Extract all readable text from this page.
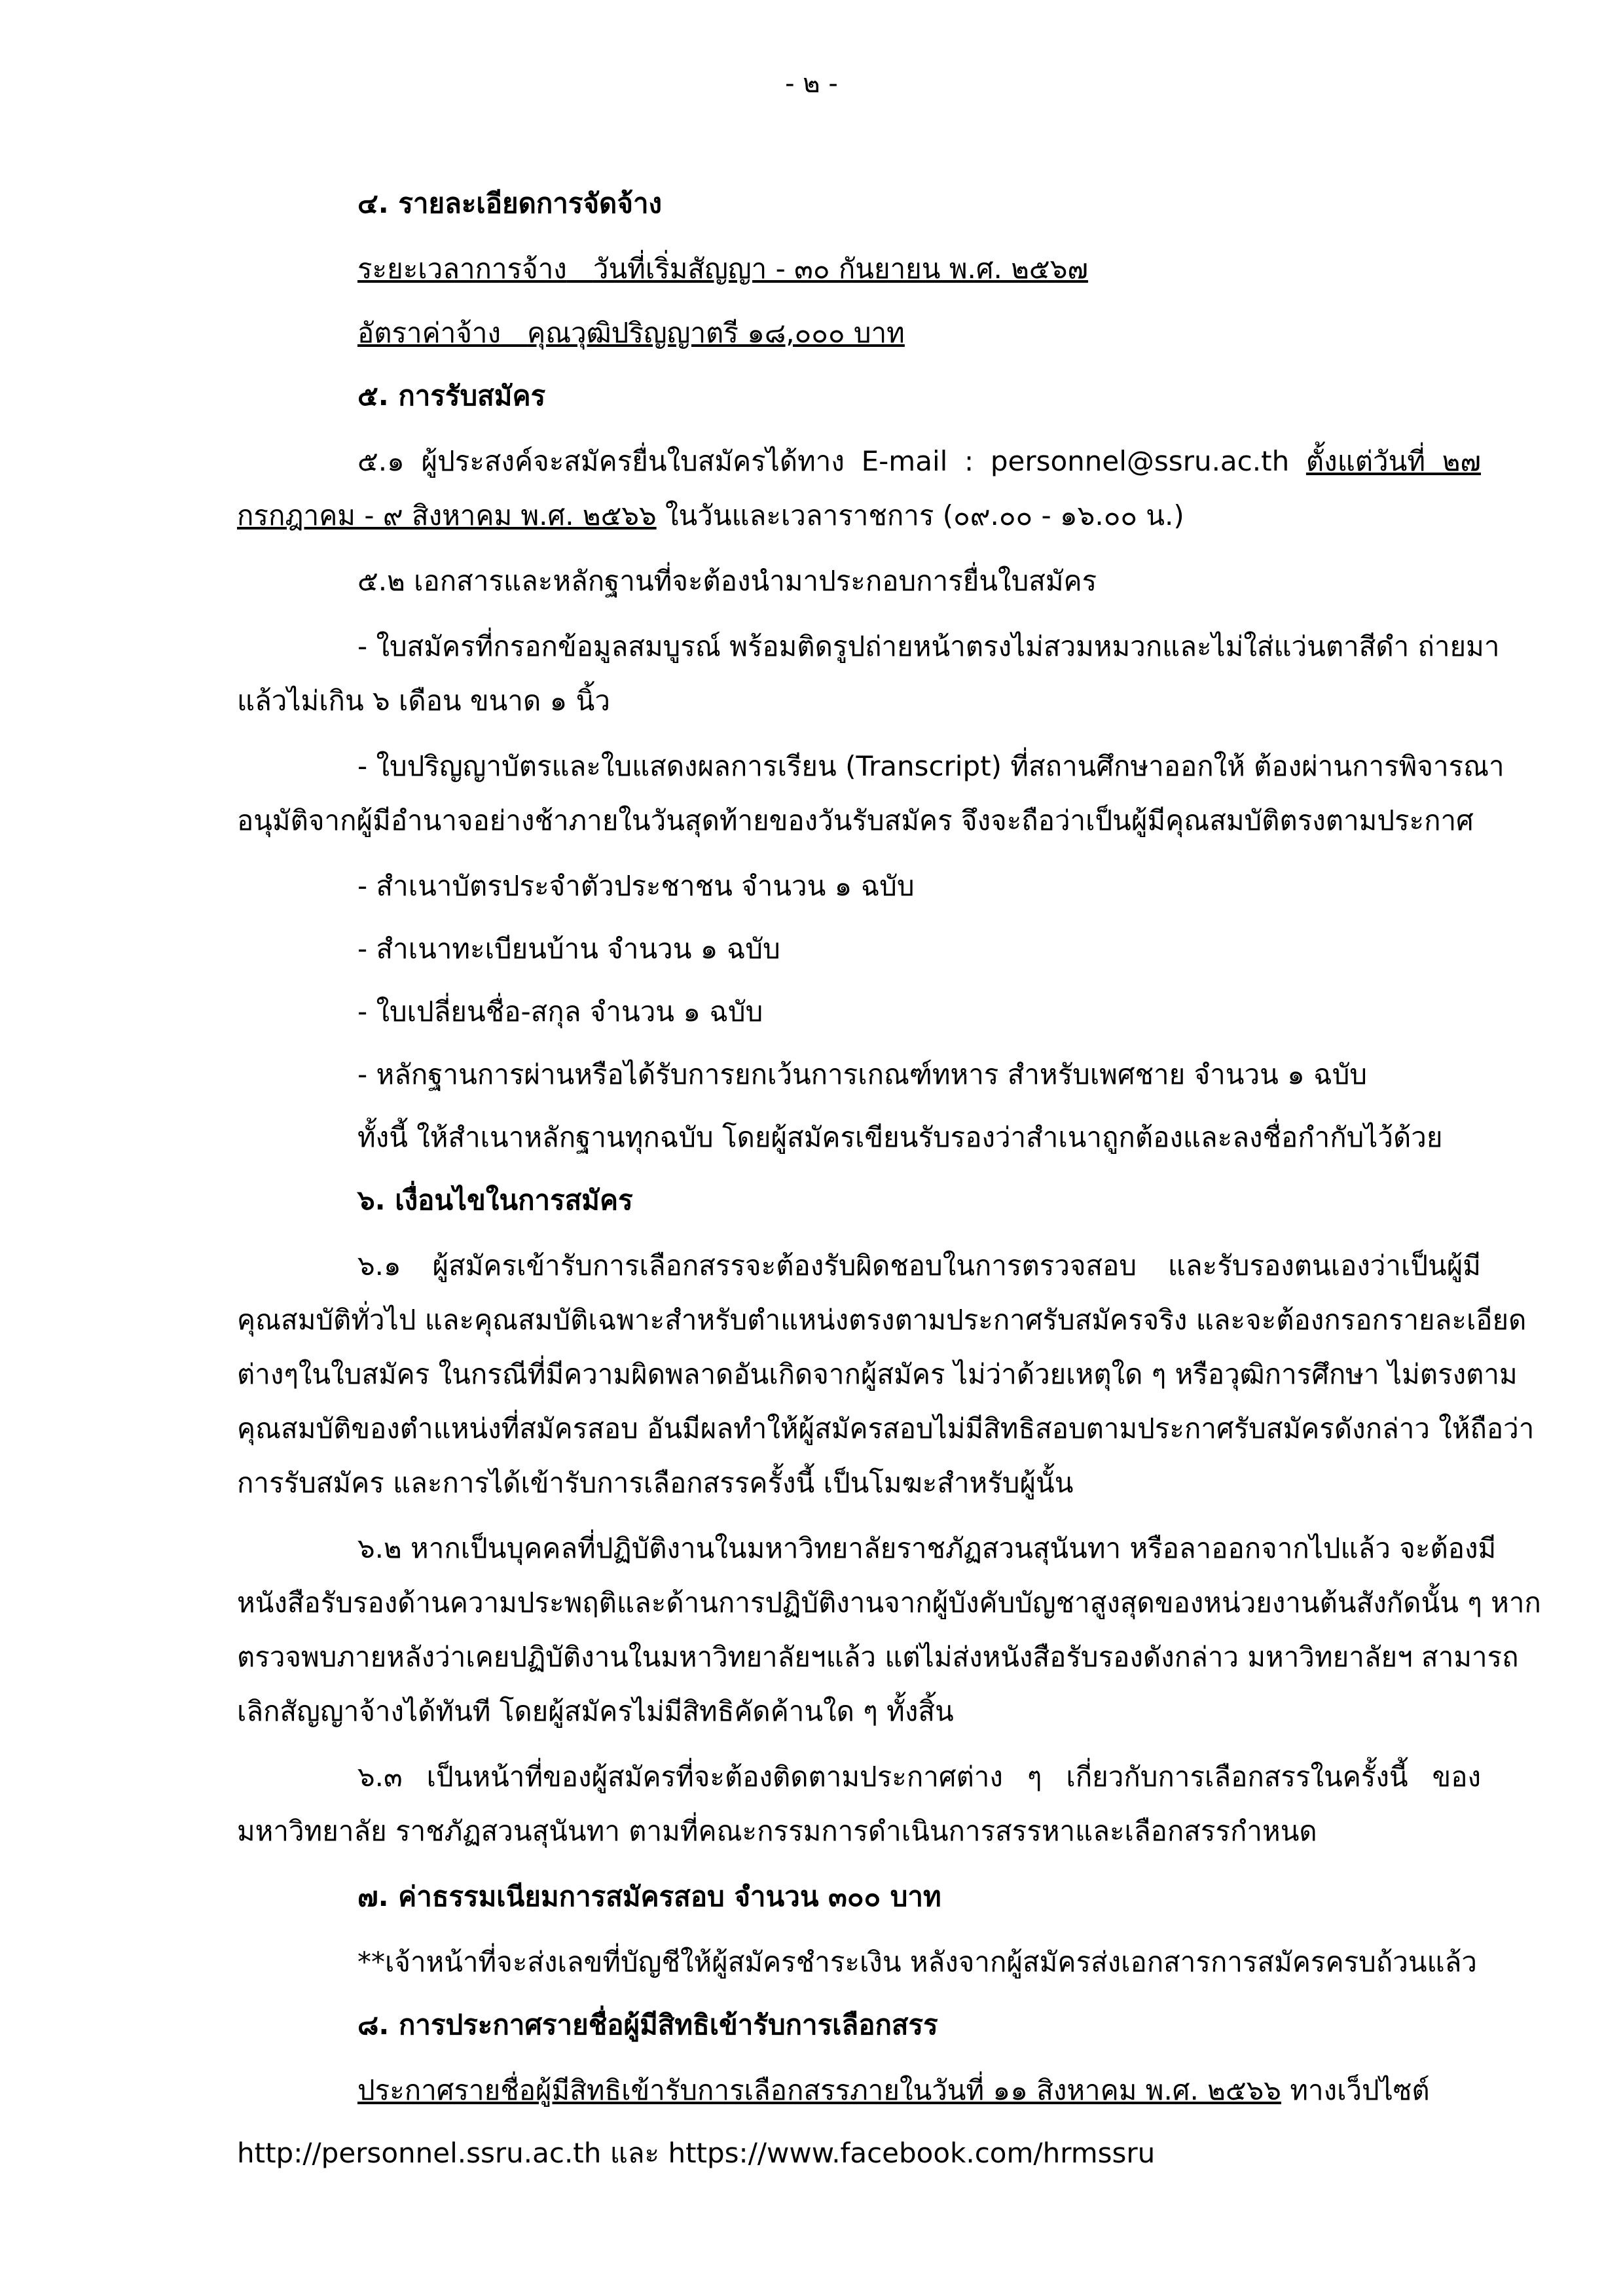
- ๒ -
๔. รายละเอียดการจัดจ้าง
ระยะเวลาการจ้าง วันที่เริ่มสัญญา - ๓๐ กันยายน พ.ศ. ๒๕๖๗
อัตราค่าจ้าง คุณวุฒิปริญญาตรี ๑๘,๐๐๐ บาท
๕. การรับสมัคร
๕.๑ ผู้ประสงค์จะสมัครยื่นใบสมัครได้ทาง E-mail : personnel@ssru.ac.th ตั้งแต่วันที่ ๒๗
กรกฎาคม - ๙ สิงหาคม พ.ศ. ๒๕๖๖ ในวันและเวลาราชการ (๐๙.๐๐ - ๑๖.๐๐ น.)
๕.๒ เอกสารและหลักฐานที่จะต้องนำมาประกอบการยื่นใบสมัคร
- ใบสมัครที่กรอกข้อมูลสมบูรณ์ พร้อมติดรูปถ่ายหน้าตรงไม่สวมหมวกและไม่ใส่แว่นตาสีดำ ถ่ายมา
แล้วไม่เกิน ๖ เดือน ขนาด ๑ นิ้ว
- ใบปริญญาบัตรและใบแสดงผลการเรียน (Transcript) ที่สถานศึกษาออกให้ ต้องผ่านการพิจารณา
อนุมัติจากผู้มีอำนาจอย่างช้าภายในวันสุดท้ายของวันรับสมัคร จึงจะถือว่าเป็นผู้มีคุณสมบัติตรงตามประกาศ
- สำเนาบัตรประจำตัวประชาชน จำนวน ๑ ฉบับ
- สำเนาทะเบียนบ้าน จำนวน ๑ ฉบับ
- ใบเปลี่ยนชื่อ-สกุล จำนวน ๑ ฉบับ
- หลักฐานการผ่านหรือได้รับการยกเว้นการเกณฑ์ทหาร สำหรับเพศชาย จำนวน ๑ ฉบับ
ทั้งนี้ ให้สำเนาหลักฐานทุกฉบับ โดยผู้สมัครเขียนรับรองว่าสำเนาถูกต้องและลงชื่อกำกับไว้ด้วย
๖. เงื่อนไขในการสมัคร
๖.๑ ผู้สมัครเข้ารับการเลือกสรรจะต้องรับผิดชอบในการตรวจสอบ และรับรองตนเองว่าเป็นผู้มี
คุณสมบัติทั่วไป และคุณสมบัติเฉพาะสำหรับตำแหน่งตรงตามประกาศรับสมัครจริง และจะต้องกรอกรายละเอียด
ต่างๆในใบสมัคร ในกรณีที่มีความผิดพลาดอันเกิดจากผู้สมัคร ไม่ว่าด้วยเหตุใด ๆ หรือวุฒิการศึกษา ไม่ตรงตาม
คุณสมบัติของตำแหน่งที่สมัครสอบ อันมีผลทำให้ผู้สมัครสอบไม่มีสิทธิสอบตามประกาศรับสมัครดังกล่าว ให้ถือว่า
การรับสมัคร และการได้เข้ารับการเลือกสรรครั้งนี้ เป็นโมฆะสำหรับผู้นั้น
๖.๒ หากเป็นบุคคลที่ปฏิบัติงานในมหาวิทยาลัยราชภัฏสวนสุนันทา หรือลาออกจากไปแล้ว จะต้องมี
หนังสือรับรองด้านความประพฤติและด้านการปฏิบัติงานจากผู้บังคับบัญชาสูงสุดของหน่วยงานต้นสังกัดนั้น ๆ หาก
ตรวจพบภายหลังว่าเคยปฏิบัติงานในมหาวิทยาลัยฯแล้ว แต่ไม่ส่งหนังสือรับรองดังกล่าว มหาวิทยาลัยฯ สามารถ
เลิกสัญญาจ้างได้ทันที โดยผู้สมัครไม่มีสิทธิคัดค้านใด ๆ ทั้งสิ้น
๖.๓ เป็นหน้าที่ของผู้สมัครที่จะต้องติดตามประกาศต่าง ๆ เกี่ยวกับการเลือกสรรในครั้งนี้ ของ
มหาวิทยาลัย ราชภัฏสวนสุนันทา ตามที่คณะกรรมการดำเนินการสรรหาและเลือกสรรกำหนด
๗. ค่าธรรมเนียมการสมัครสอบ จำนวน ๓๐๐ บาท
**เจ้าหน้าที่จะส่งเลขที่บัญชีให้ผู้สมัครชำระเงิน หลังจากผู้สมัครส่งเอกสารการสมัครครบถ้วนแล้ว
๘. การประกาศรายชื่อผู้มีสิทธิเข้ารับการเลือกสรร
ประกาศรายชื่อผู้มีสิทธิเข้ารับการเลือกสรรภายในวันที่ ๑๑ สิงหาคม พ.ศ. ๒๕๖๖ ทางเว็ปไซต์
http://personnel.ssru.ac.th และ https://www.facebook.com/hrmssru
